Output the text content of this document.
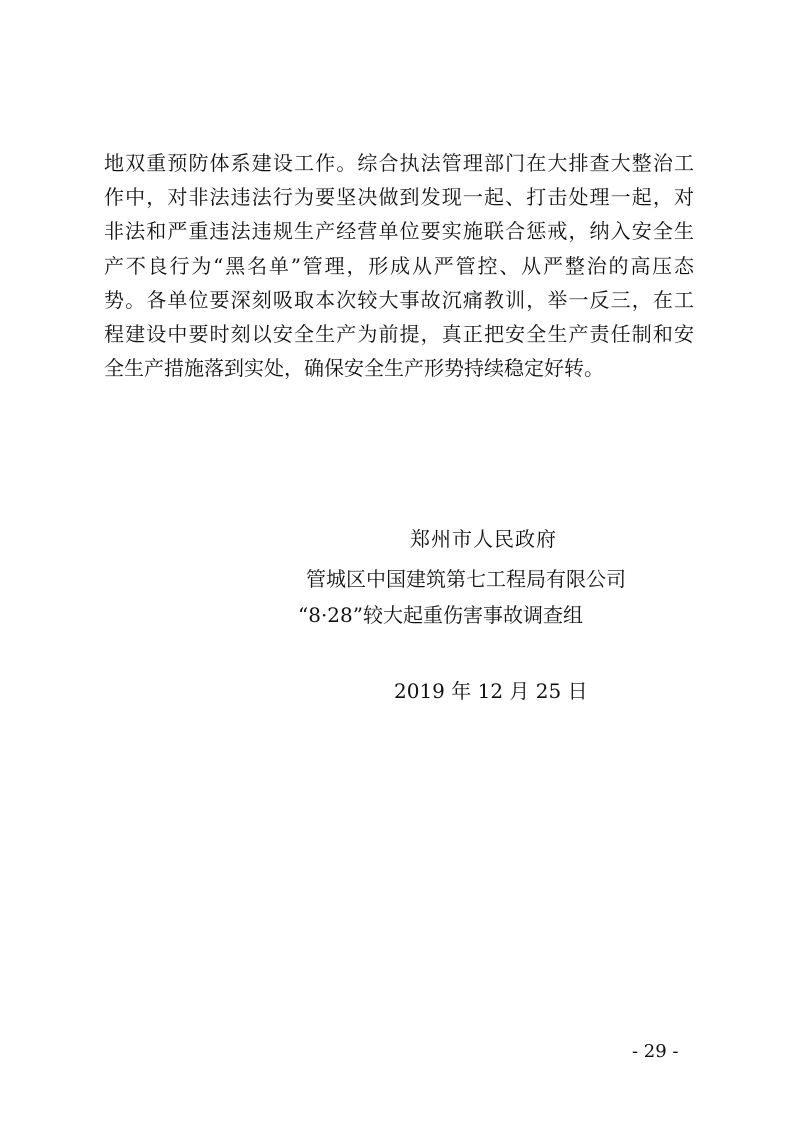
地双重预防体系建设工作。综合执法管理部门在大排查大整治工
作中，对非法违法行为要坚决做到发现一起、打击处理一起，对
非法和严重违法违规生产经营单位要实施联合惩戒，纳入安全生
产不良行为“黑名单”管理，形成从严管控、从严整治的高压态
势。各单位要深刻吸取本次较大事故沉痛教训，举一反三，在工
程建设中要时刻以安全生产为前提，真正把安全生产责任制和安
全生产措施落到实处，确保安全生产形势持续稳定好转。
郑州市人民政府
管城区中国建筑第七工程局有限公司
“8·28”较大起重伤害事故调查组
2019 年 12 月 25 日
- 29 -
